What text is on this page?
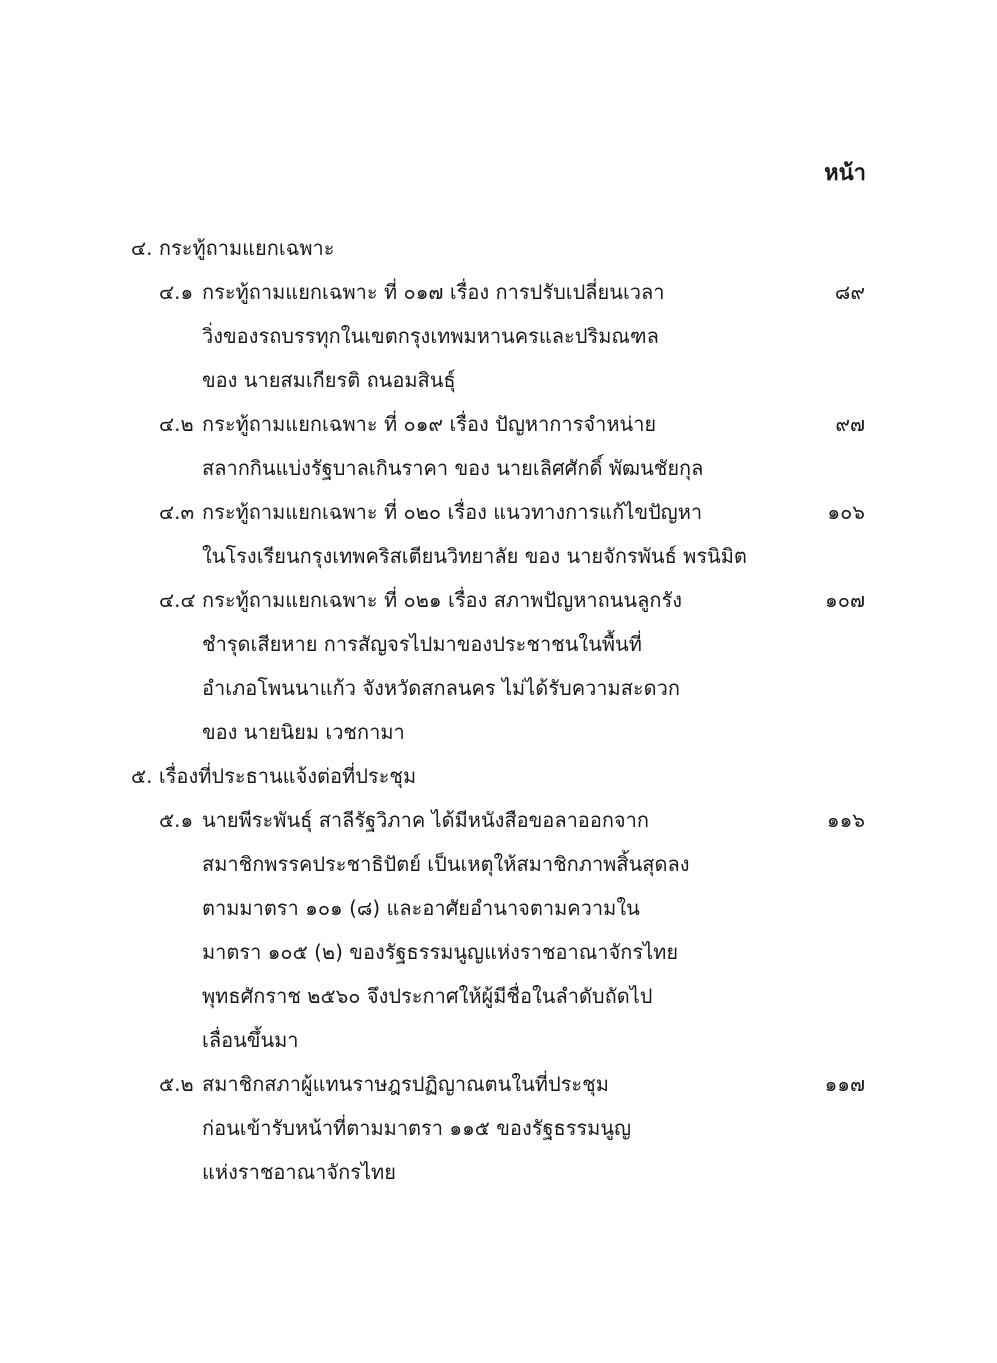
หน้า
๔. กระทู้ถามแยกเฉพาะ
๔.๑ กระทู้ถามแยกเฉพาะ ที่ ๐๑๗ เรื่อง การปรับเปลี่ยนเวลา	๘๙
วิ่งของรถบรรทุกในเขตกรุงเทพมหานครและปริมณฑล
ของ นายสมเกียรติ ถนอมสินธุ์
๔.๒ กระทู้ถามแยกเฉพาะ ที่ ๐๑๙ เรื่อง ปัญหาการจำหน่าย	๙๗
สลากกินแบ่งรัฐบาลเกินราคา ของ นายเลิศศักดิ์ พัฒนชัยกุล
๔.๓ กระทู้ถามแยกเฉพาะ ที่ ๐๒๐ เรื่อง แนวทางการแก้ไขปัญหา	๑๐๖
ในโรงเรียนกรุงเทพคริสเตียนวิทยาลัย ของ นายจักรพันธ์ พรนิมิต
๔.๔ กระทู้ถามแยกเฉพาะ ที่ ๐๒๑ เรื่อง สภาพปัญหาถนนลูกรัง	๑๐๗
ชำรุดเสียหาย การสัญจรไปมาของประชาชนในพื้นที่
อำเภอโพนนาแก้ว จังหวัดสกลนคร ไม่ได้รับความสะดวก
ของ นายนิยม เวชกามา
๕. เรื่องที่ประธานแจ้งต่อที่ประชุม
๕.๑ นายพีระพันธุ์ สาลีรัฐวิภาค ได้มีหนังสือขอลาออกจาก	๑๑๖
สมาชิกพรรคประชาธิปัตย์ เป็นเหตุให้สมาชิกภาพสิ้นสุดลง
ตามมาตรา ๑๐๑ (๘) และอาศัยอำนาจตามความใน
มาตรา ๑๐๕ (๒) ของรัฐธรรมนูญแห่งราชอาณาจักรไทย
พุทธศักราช ๒๕๖๐ จึงประกาศให้ผู้มีชื่อในลำดับถัดไป
เลื่อนขึ้นมา
๕.๒ สมาชิกสภาผู้แทนราษฎรปฏิญาณตนในที่ประชุม	๑๑๗
ก่อนเข้ารับหน้าที่ตามมาตรา ๑๑๕ ของรัฐธรรมนูญ
แห่งราชอาณาจักรไทย
